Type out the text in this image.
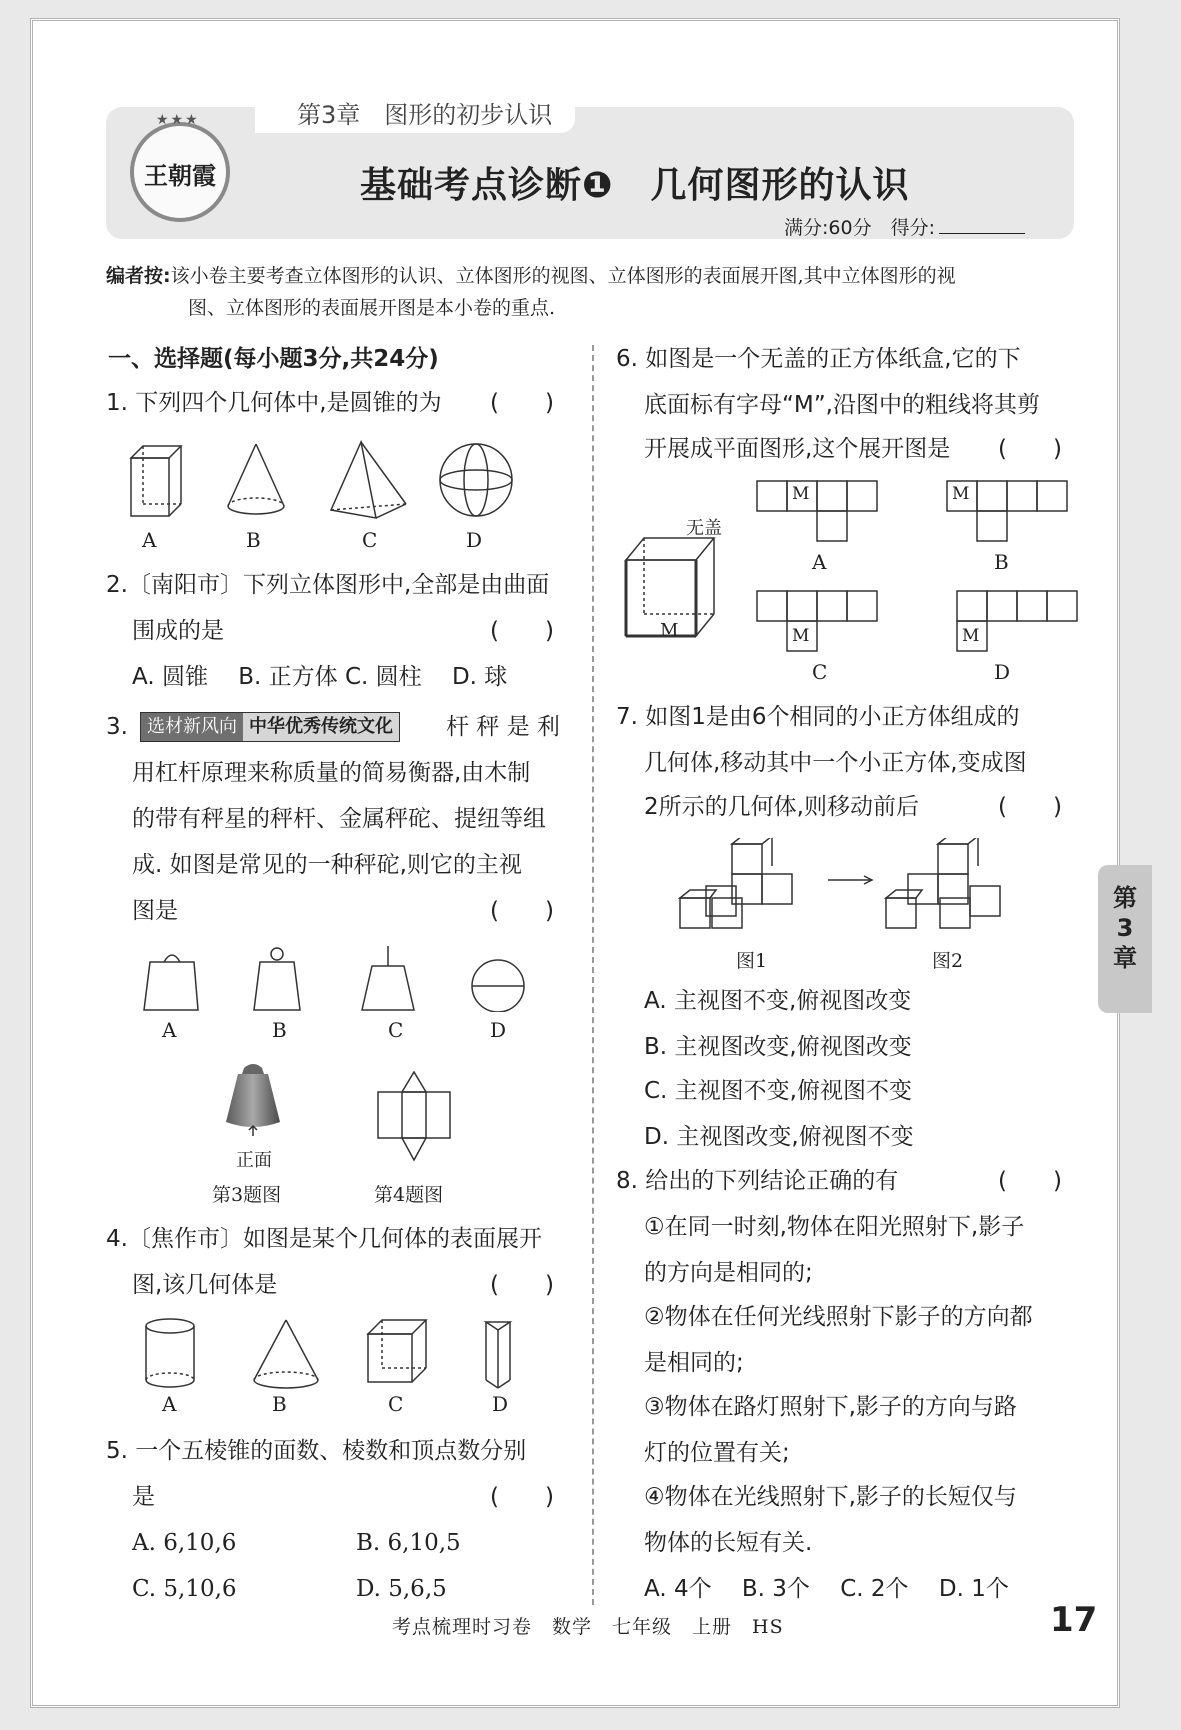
第3章　图形的初步认识
★★★
王朝霞	基础考点诊断❶　几何图形的认识
满分:60分　得分:
编者按:该小卷主要考查立体图形的认识、立体图形的视图、立体图形的表面展开图,其中立体图形的视
图、立体图形的表面展开图是本小卷的重点.
一、选择题(每小题3分,共24分)
1. 下列四个几何体中,是圆锥的为 (　　)
A	B	C	D
2.〔南阳市〕下列立体图形中,全部是由曲面
围成的是	(　　)
A. 圆锥　 B. 正方体 C. 圆柱　 D. 球
3.	选材新风向 中华优秀传统文化 杆 秤 是 利
用杠杆原理来称质量的简易衡器,由木制
的带有秤星的秤杆、金属秤砣、提纽等组
成. 如图是常见的一种秤砣,则它的主视
图是	(　　)
A	B	C	D
正面
第3题图	第4题图
4.〔焦作市〕如图是某个几何体的表面展开
图,该几何体是	(　　)
A	B	C	D
5. 一个五棱锥的面数、棱数和顶点数分别
是	(　　)
A. 6,10,6	B. 6,10,5
C. 5,10,6	D. 5,6,5
6. 如图是一个无盖的正方体纸盒,它的下
底面标有字母“M”,沿图中的粗线将其剪
开展成平面图形,这个展开图是 (　　)
无盖
M
M	M
A	B
M	M
C	D
7. 如图1是由6个相同的小正方体组成的
几何体,移动其中一个小正方体,变成图
2所示的几何体,则移动前后	(　　)
图1	图2
A. 主视图不变,俯视图改变
B. 主视图改变,俯视图改变
C. 主视图不变,俯视图不变
D. 主视图改变,俯视图不变
8. 给出的下列结论正确的有	(　　)
①在同一时刻,物体在阳光照射下,影子
的方向是相同的;
②物体在任何光线照射下影子的方向都
是相同的;
③物体在路灯照射下,影子的方向与路
灯的位置有关;
④物体在光线照射下,影子的长短仅与
物体的长短有关.
A. 4个　 B. 3个　 C. 2个　 D. 1个
第
3
章
考点梳理时习卷　数学　七年级　上册　HS	17
